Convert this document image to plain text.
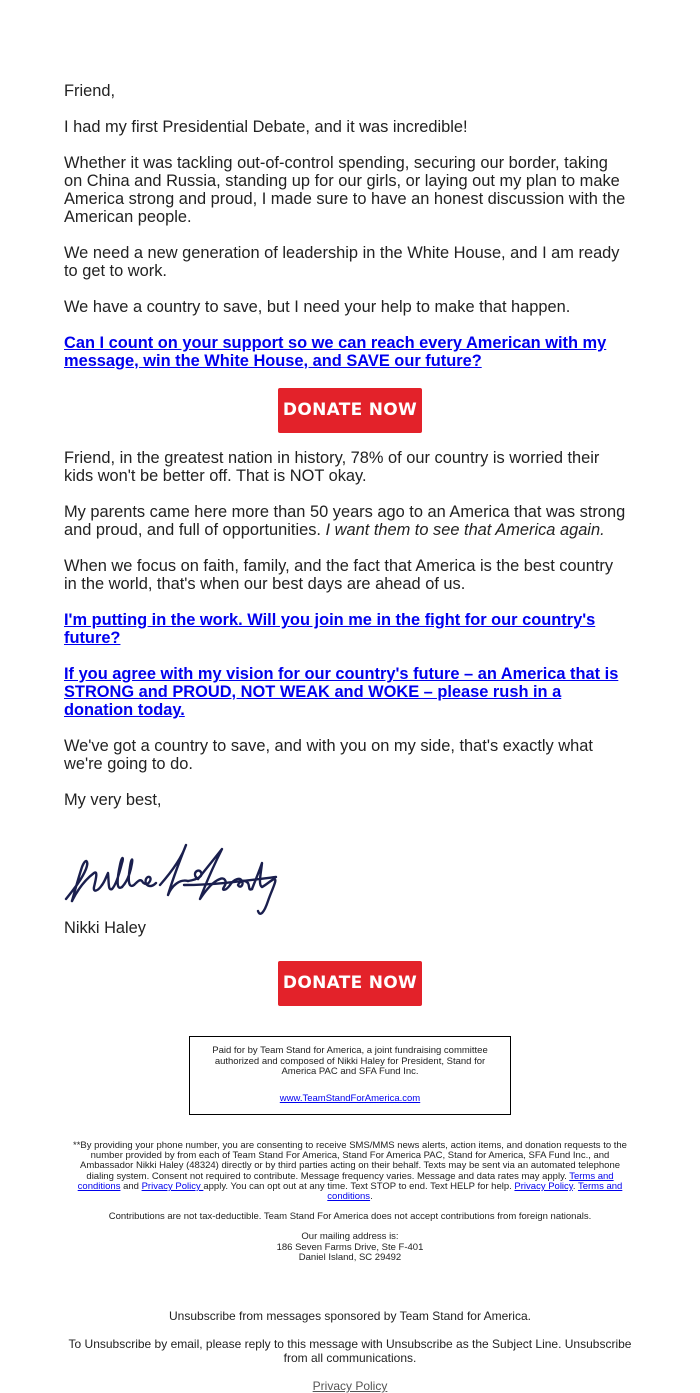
Friend,

I had my first Presidential Debate, and it was incredible!

Whether it was tackling out-of-control spending, securing our border, taking on China and Russia, standing up for our girls, or laying out my plan to make America strong and proud, I made sure to have an honest discussion with the American people.

We need a new generation of leadership in the White House, and I am ready to get to work.

We have a country to save, but I need your help to make that happen.

Can I count on your support so we can reach every American with my message, win the White House, and SAVE our future?
DONATE NOW

Friend, in the greatest nation in history, 78% of our country is worried their kids won't be better off. That is NOT okay.

My parents came here more than 50 years ago to an America that was strong and proud, and full of opportunities. I want them to see that America again.

When we focus on faith, family, and the fact that America is the best country in the world, that's when our best days are ahead of us.

I'm putting in the work. Will you join me in the fight for our country's future?
If you agree with my vision for our country's future – an America that is STRONG and PROUD, NOT WEAK and WOKE – please rush in a donation today.

We've got a country to save, and with you on my side, that's exactly what we're going to do.

My very best,

Nikki Haley

DONATE NOW
Paid for by Team Stand for America, a joint fundraising committee authorized and composed of Nikki Haley for President, Stand for America PAC and SFA Fund Inc.
www.TeamStandForAmerica.com
**By providing your phone number, you are consenting to receive SMS/MMS news alerts, action items, and donation requests to the number provided by from each of Team Stand For America, Stand For America PAC, Stand for America, SFA Fund Inc., and Ambassador Nikki Haley (48324) directly or by third parties acting on their behalf. Texts may be sent via an automated telephone dialing system. Consent not required to contribute. Message frequency varies. Message and data rates may apply. Terms and conditions and Privacy Policy apply. You can opt out at any time. Text STOP to end. Text HELP for help. Privacy Policy. Terms and conditions.
Contributions are not tax-deductible. Team Stand For America does not accept contributions from foreign nationals.
Our mailing address is:
186 Seven Farms Drive, Ste F-401
Daniel Island, SC 29492
Unsubscribe from messages sponsored by Team Stand for America.
To Unsubscribe by email, please reply to this message with Unsubscribe as the Subject Line. Unsubscribe from all communications.
Privacy Policy
